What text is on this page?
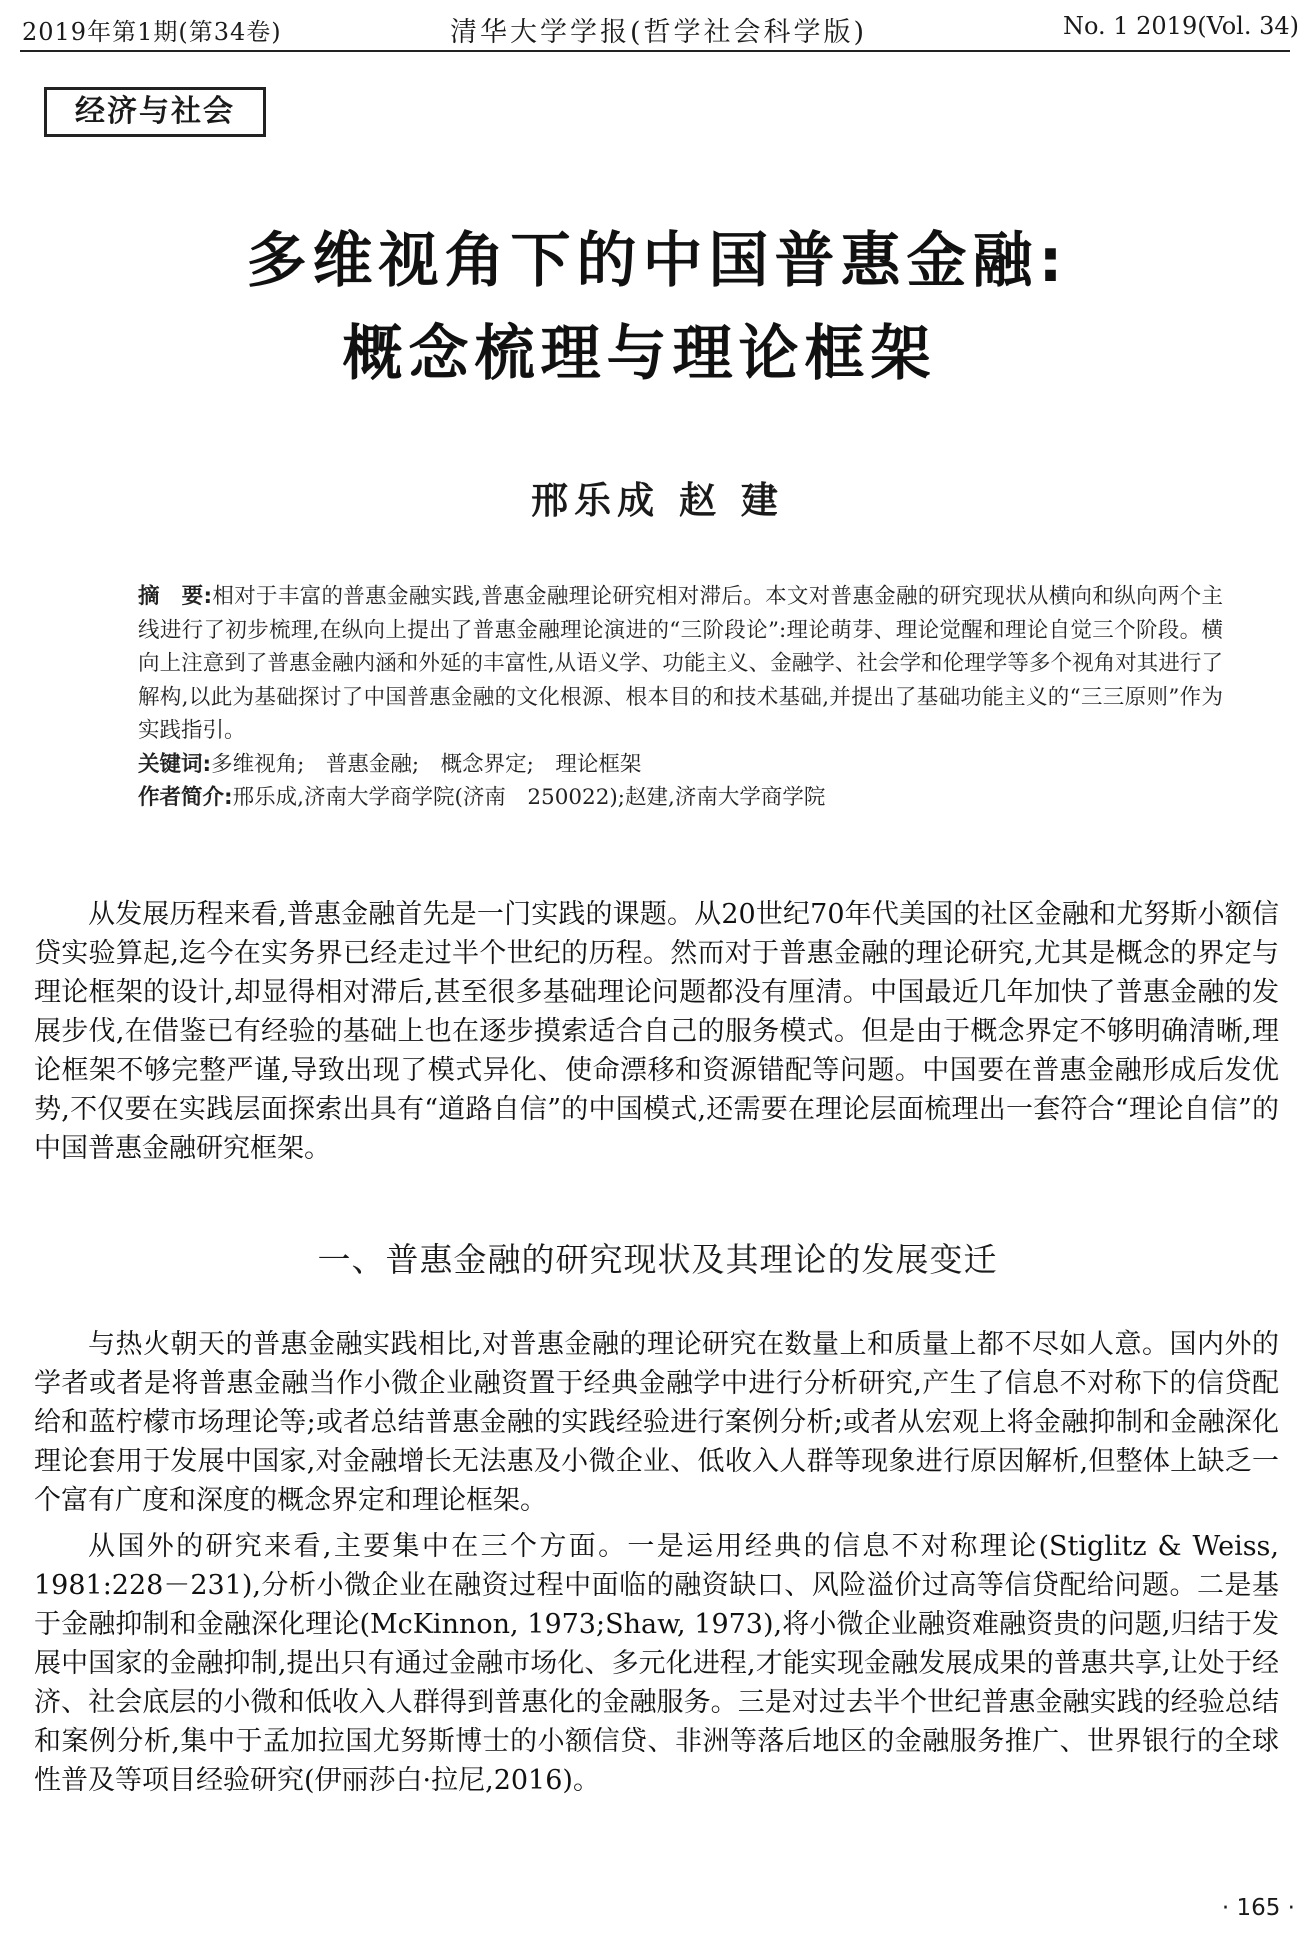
2019年第1期(第34卷)	清华大学学报(哲学社会科学版)	No. 1 2019(Vol. 34)
经济与社会
多维视角下的中国普惠金融:
概念梳理与理论框架
邢乐成 赵 建

摘　要:相对于丰富的普惠金融实践,普惠金融理论研究相对滞后。本文对普惠金融的研究现状从横向和纵向两个主线进行了初步梳理,在纵向上提出了普惠金融理论演进的“三阶段论”:理论萌芽、理论觉醒和理论自觉三个阶段。横向上注意到了普惠金融内涵和外延的丰富性,从语义学、功能主义、金融学、社会学和伦理学等多个视角对其进行了解构,以此为基础探讨了中国普惠金融的文化根源、根本目的和技术基础,并提出了基础功能主义的“三三原则”作为实践指引。

关键词:多维视角;　普惠金融;　概念界定;　理论框架

作者简介:邢乐成,济南大学商学院(济南　250022);赵建,济南大学商学院

从发展历程来看,普惠金融首先是一门实践的课题。从20世纪70年代美国的社区金融和尤努斯小额信贷实验算起,迄今在实务界已经走过半个世纪的历程。然而对于普惠金融的理论研究,尤其是概念的界定与理论框架的设计,却显得相对滞后,甚至很多基础理论问题都没有厘清。中国最近几年加快了普惠金融的发展步伐,在借鉴已有经验的基础上也在逐步摸索适合自己的服务模式。但是由于概念界定不够明确清晰,理论框架不够完整严谨,导致出现了模式异化、使命漂移和资源错配等问题。中国要在普惠金融形成后发优势,不仅要在实践层面探索出具有“道路自信”的中国模式,还需要在理论层面梳理出一套符合“理论自信”的中国普惠金融研究框架。

一、普惠金融的研究现状及其理论的发展变迁

与热火朝天的普惠金融实践相比,对普惠金融的理论研究在数量上和质量上都不尽如人意。国内外的学者或者是将普惠金融当作小微企业融资置于经典金融学中进行分析研究,产生了信息不对称下的信贷配给和蓝柠檬市场理论等;或者总结普惠金融的实践经验进行案例分析;或者从宏观上将金融抑制和金融深化理论套用于发展中国家,对金融增长无法惠及小微企业、低收入人群等现象进行原因解析,但整体上缺乏一个富有广度和深度的概念界定和理论框架。

从国外的研究来看,主要集中在三个方面。一是运用经典的信息不对称理论(Stiglitz & Weiss, 1981:228－231),分析小微企业在融资过程中面临的融资缺口、风险溢价过高等信贷配给问题。二是基于金融抑制和金融深化理论(McKinnon, 1973;Shaw, 1973),将小微企业融资难融资贵的问题,归结于发展中国家的金融抑制,提出只有通过金融市场化、多元化进程,才能实现金融发展成果的普惠共享,让处于经济、社会底层的小微和低收入人群得到普惠化的金融服务。三是对过去半个世纪普惠金融实践的经验总结和案例分析,集中于孟加拉国尤努斯博士的小额信贷、非洲等落后地区的金融服务推广、世界银行的全球性普及等项目经验研究(伊丽莎白·拉尼,2016)。

· 165 ·
